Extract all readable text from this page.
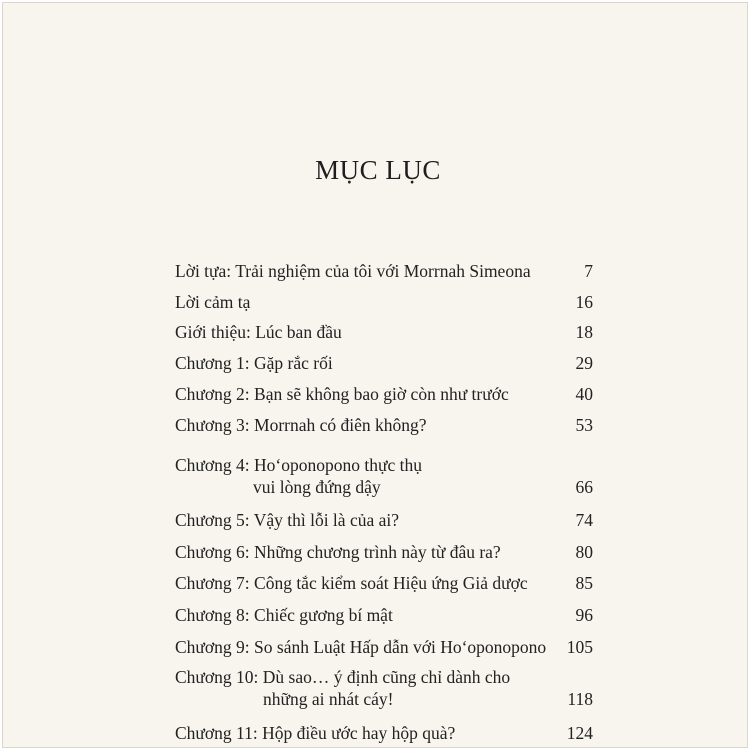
MỤC LỤC
Lời tựa: Trải nghiệm của tôi với Morrnah Simeona	7
Lời cảm tạ	16
Giới thiệu: Lúc ban đầu	18
Chương 1: Gặp rắc rối	29
Chương 2: Bạn sẽ không bao giờ còn như trước	40
Chương 3: Morrnah có điên không?	53
Chương 4: Hoʻoponopono thực thụ
vui lòng đứng dậy	66
Chương 5: Vậy thì lỗi là của ai?	74
Chương 6: Những chương trình này từ đâu ra?	80
Chương 7: Công tắc kiểm soát Hiệu ứng Giả dược	85
Chương 8: Chiếc gương bí mật	96
Chương 9: So sánh Luật Hấp dẫn với Hoʻoponopono	105
Chương 10: Dù sao… ý định cũng chỉ dành cho
những ai nhát cáy!	118
Chương 11: Hộp điều ước hay hộp quà?	124
